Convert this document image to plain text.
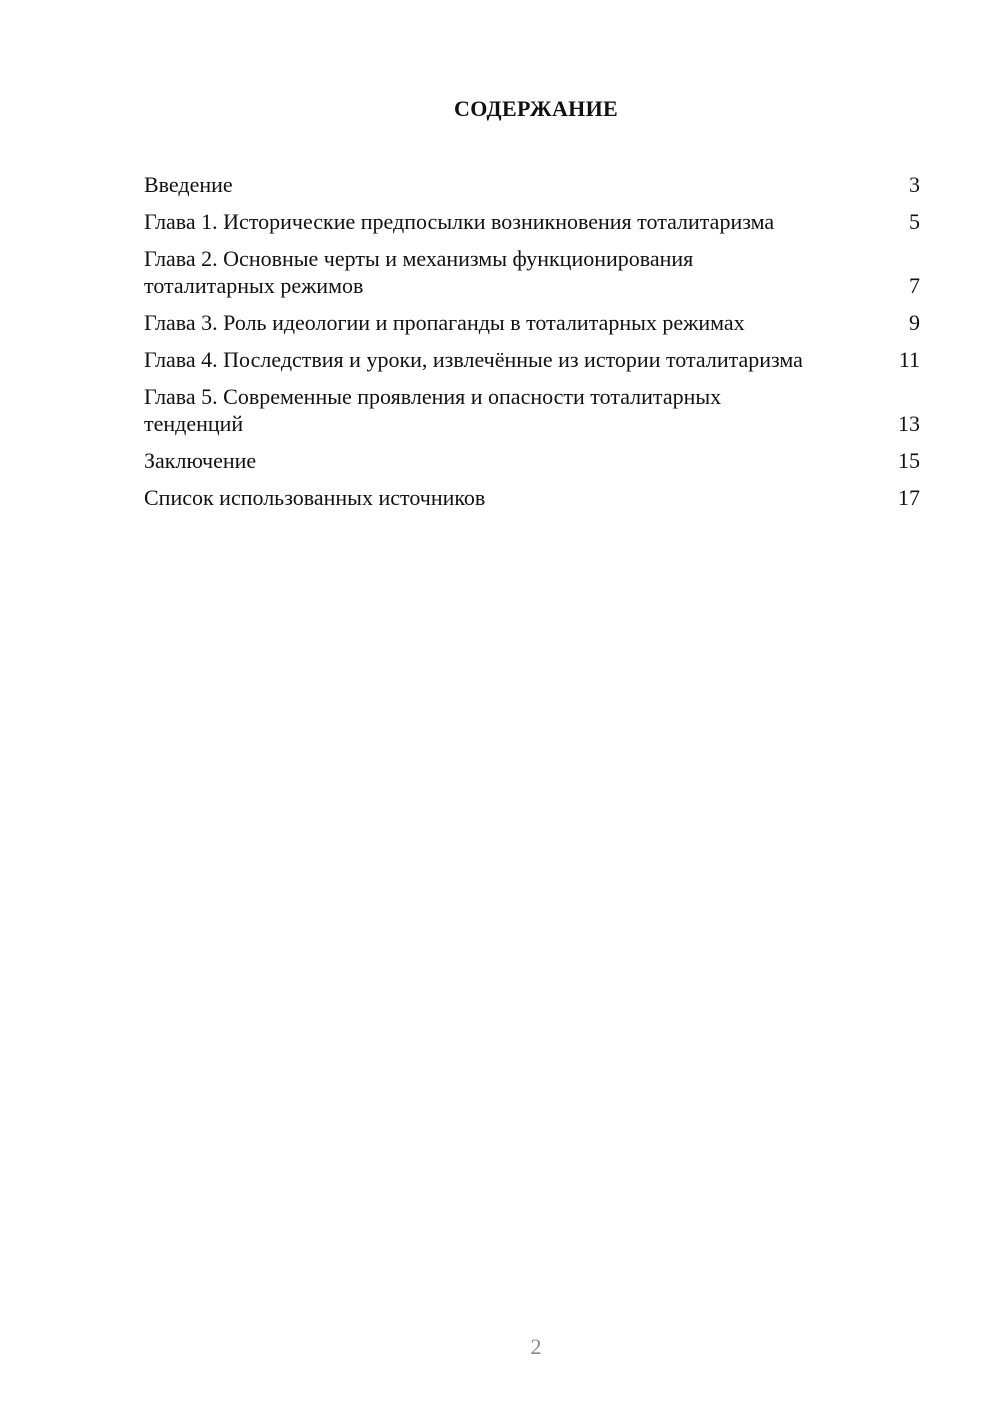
СОДЕРЖАНИЕ
Введение	3
Глава 1. Исторические предпосылки возникновения тоталитаризма	5
Глава 2. Основные черты и механизмы функционирования тоталитарных режимов	7
Глава 3. Роль идеологии и пропаганды в тоталитарных режимах	9
Глава 4. Последствия и уроки, извлечённые из истории тоталитаризма	11
Глава 5. Современные проявления и опасности тоталитарных тенденций	13
Заключение	15
Список использованных источников	17
2
